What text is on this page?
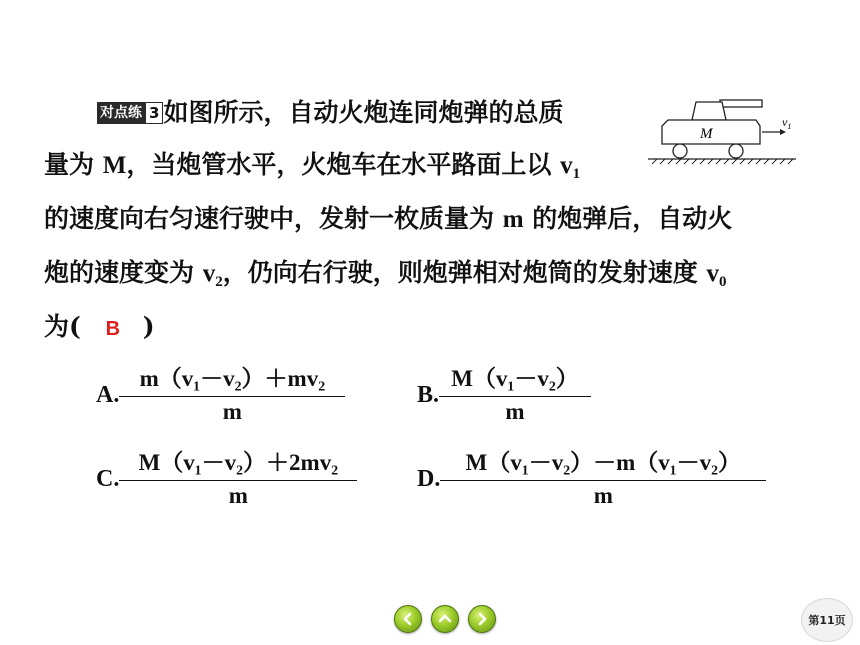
对点练 3 如图所示，自动火炮连同炮弹的总质
量为 M，当炮管水平，火炮车在水平路面上以 $v_1$
的速度向右匀速行驶中，发射一枚质量为 m 的炮弹后，自动火
炮的速度变为 $v_2$，仍向右行驶，则炮弹相对炮筒的发射速度 $v_0$
为( B )
M
$v_1$
A. $\frac{\text{m（v₁－v₂）＋mv₂}}{m}$	B. $\frac{\text{M（v₁－v₂）}}{m}$
C. $\frac{\text{M（v₁－v₂）＋2mv₂}}{m} D$. $\frac{\text{M（v₁－v₂）－m（v₁－v₂）}}{m}$
第11页
